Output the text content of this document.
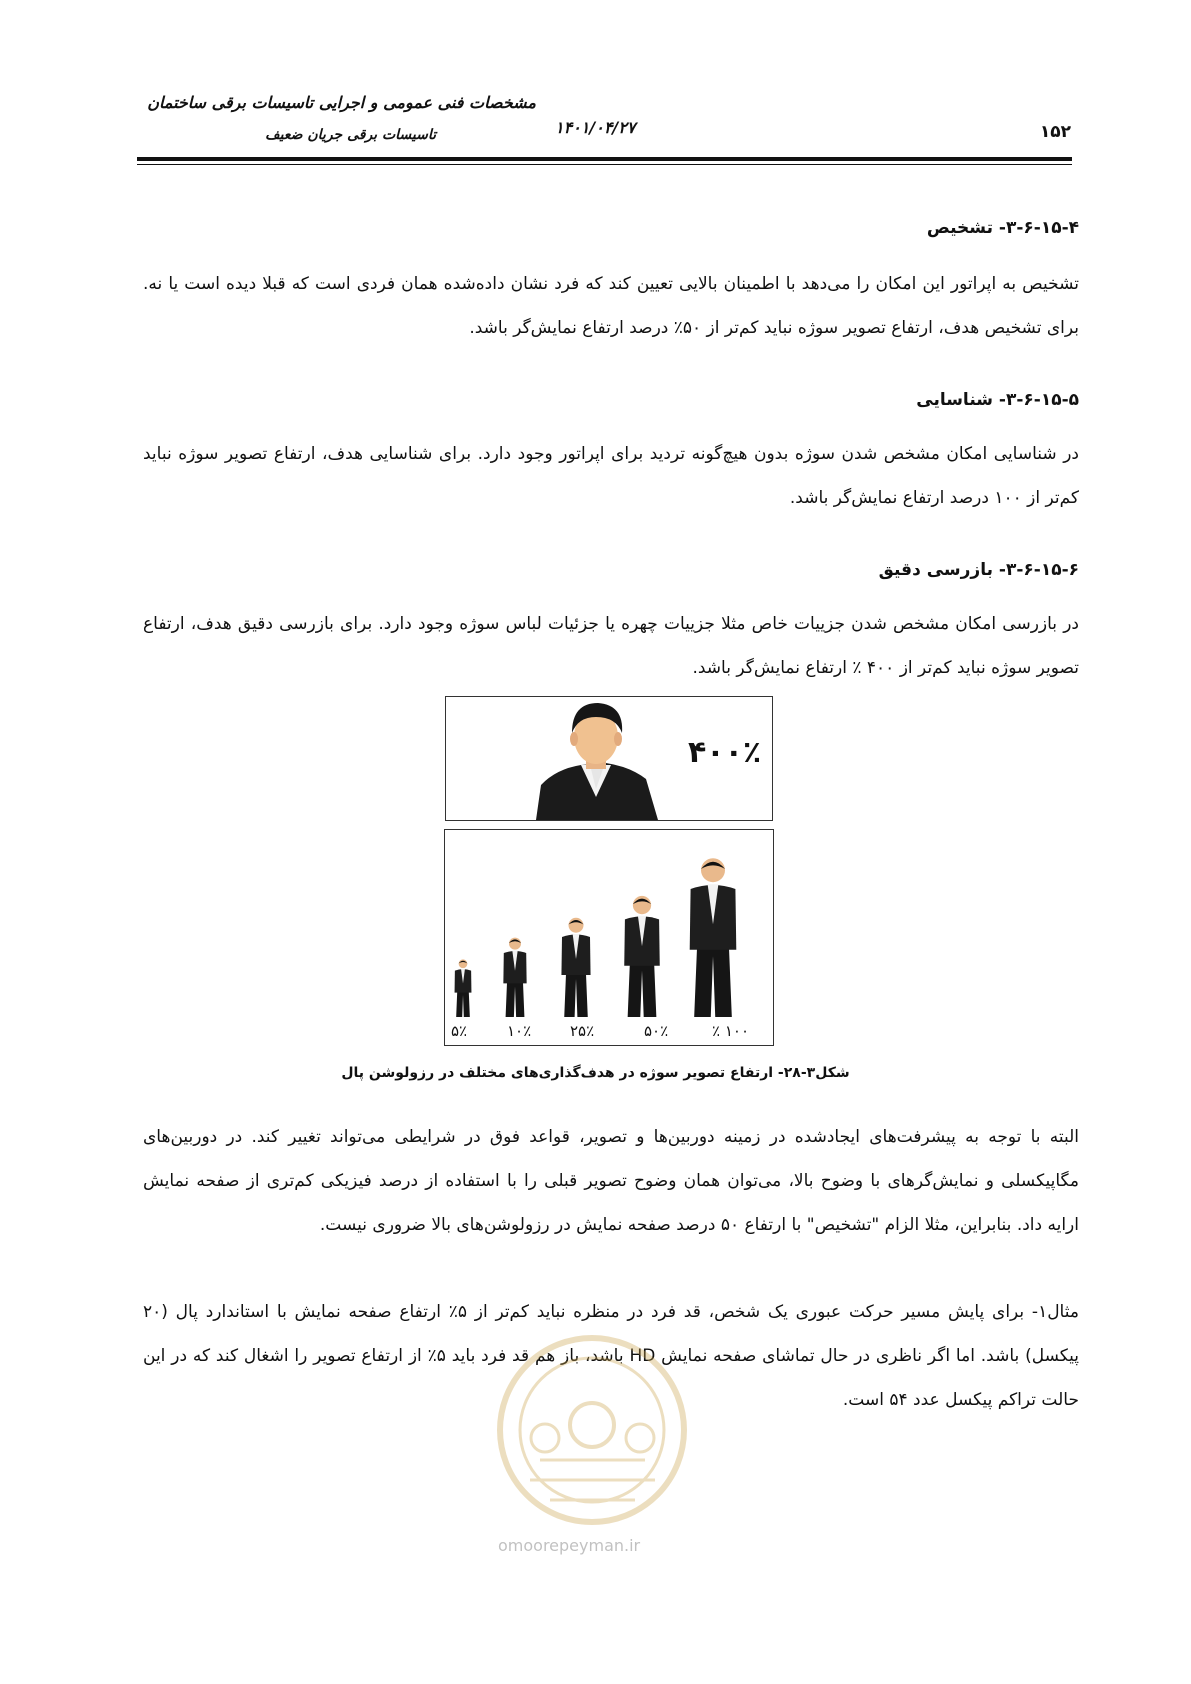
مشخصات فنی عمومی و اجرایی تاسیسات برقی ساختمان
تاسیسات برقی جریان ضعیف	۱۴۰۱/۰۴/۲۷	۱۵۲
۳-۶-۱۵-۴- تشخیص
تشخیص به اپراتور این امکان را می‌دهد با اطمینان بالایی تعیین کند که فرد نشان داده‌شده همان فردی است که قبلا دیده است یا نه. برای تشخیص هدف، ارتفاع تصویر سوژه نباید کم‌تر از ۵۰٪ درصد ارتفاع نمایش‌گر باشد.
۳-۶-۱۵-۵- شناسایی
در شناسایی امکان مشخص شدن سوژه بدون هیچ‌گونه تردید برای اپراتور وجود دارد. برای شناسایی هدف، ارتفاع تصویر سوژه نباید کم‌تر از ۱۰۰ درصد ارتفاع نمایش‌گر باشد.
۳-۶-۱۵-۶- بازرسی دقیق
در بازرسی امکان مشخص شدن جزییات خاص مثلا جزییات چهره یا جزئیات لباس سوژه وجود دارد. برای بازرسی دقیق هدف، ارتفاع تصویر سوژه نباید کم‌تر از ۴۰۰ ٪ ارتفاع نمایش‌گر باشد.
۴۰۰٪
۵٪	۱۰٪	۲۵٪	۵۰٪	۱۰۰ ٪
شکل۳-۲۸- ارتفاع تصویر سوژه در هدف‌گذاری‌های مختلف در رزولوشن پال
البته با توجه به پیشرفت‌های ایجادشده در زمینه دوربین‌ها و تصویر، قواعد فوق در شرایطی می‌تواند تغییر کند. در دوربین‌های مگاپیکسلی و نمایش‌گرهای با وضوح بالا، می‌توان همان وضوح تصویر قبلی را با استفاده از درصد فیزیکی کم‌تری از صفحه نمایش ارایه داد. بنابراین، مثلا الزام "تشخیص" با ارتفاع ۵۰ درصد صفحه نمایش در رزولوشن‌های بالا ضروری نیست.
مثال۱- برای پایش مسیر حرکت عبوری یک شخص، قد فرد در منظره نباید کم‌تر از ۵٪ ارتفاع صفحه نمایش با استاندارد پال (۲۰ پیکسل) باشد. اما اگر ناظری در حال تماشای صفحه نمایش HD باشد، باز هم قد فرد باید ۵٪ از ارتفاع تصویر را اشغال کند که در این حالت تراکم پیکسل عدد ۵۴ است.
omoorepeyman.ir
